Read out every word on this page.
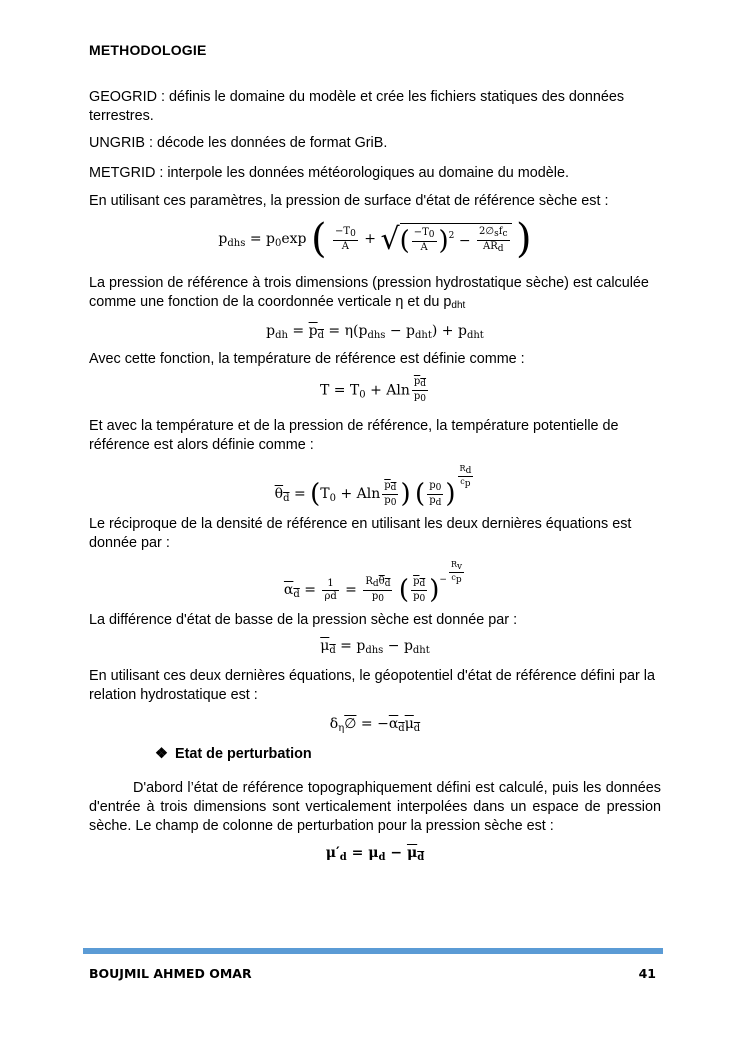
METHODOLOGIE
GEOGRID : définis le domaine du modèle et crée les fichiers statiques des données terrestres.
UNGRIB : décode les données de format GriB.
METGRID : interpole les données météorologiques au domaine du modèle.
En utilisant ces paramètres, la pression de surface d'état de référence sèche est :
$p_{dhs} = p_0\exp$ ( $\frac{-T0}{A}$ + √( $\frac{-T0}{A} )^2 - \frac{\text{2∅sfc}}{\text{ARd}}$ )
La pression de référence à trois dimensions (pression hydrostatique sèche) est calculée comme une fonction de la coordonnée verticale η et du pdht
$p_{dh} = p_d = \eta(p_{dhs} - p_{dht}) + p_{dht}$
Avec cette fonction, la température de référence est définie comme :
$T = T_0 + Aln \frac{pd}{p0}$
Et avec la température et de la pression de référence, la température potentielle de référence est alors définie comme :
$\theta_d = (T_0 + Aln \frac{pd}{p0}$ ) ( $\frac{p0}{pd}$ )
$\frac{Rd}{cp}$
Le réciproque de la densité de référence en utilisant les deux dernières équations est donnée par :
$\alpha_d = \frac{1}{\overline{\rho}d} = \frac{\text{Rdθd}}{p0}$ ( $\frac{pd}{p0} )^- \frac{Rv}{cp}$
La différence d'état de basse de la pression sèche est donnée par :
$\mu_d = p_{dhs} - p_{dht}$
En utilisant ces deux dernières équations, le géopotentiel d'état de référence défini par la relation hydrostatique est :
$\delta_\eta\emptyset = -\alpha_d\mu_d$
❖ Etat de perturbation
D'abord l’état de référence topographiquement défini est calculé, puis les données d'entrée à trois dimensions sont verticalement interpolées dans un espace de pression sèche. Le champ de colonne de perturbation pour la pression sèche est :
$\mu'_d = \mu_d - \mu_d$
BOUJMIL AHMED OMAR	41
